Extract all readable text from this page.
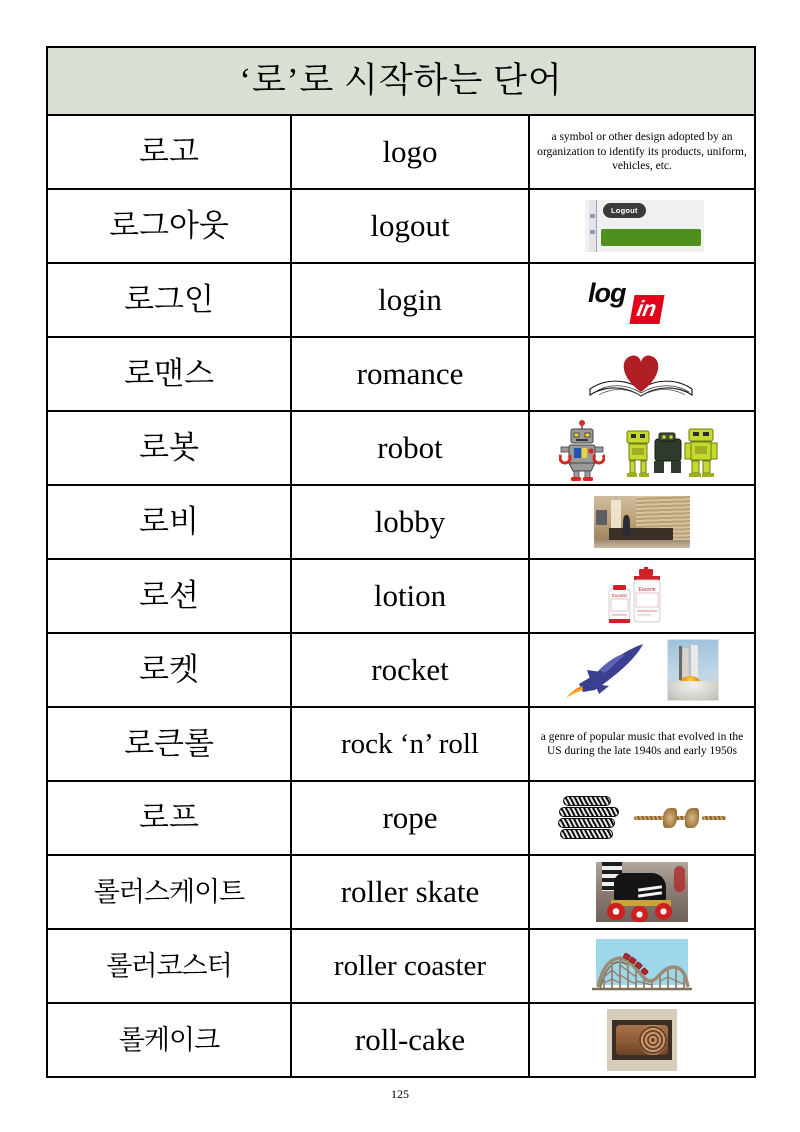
‘로’로 시작하는 단어		
로고	logo	a symbol or other design adopted by an organization to identify its products, uniform, vehicles, etc.

로그아웃	logout	Logout

로그인	login	log
in

로맨스	romance	

로봇	robot	

로비	lobby	

로션	lotion	Eucerin
Eucerin

로켓	rocket	

로큰롤	rock ‘n’ roll	a genre of popular music that evolved in the US during the late 1940s and early 1950s

로프	rope	

롤러스케이트	roller skate	

롤러코스터	roller coaster	

롤케이크	roll-cake	
125
